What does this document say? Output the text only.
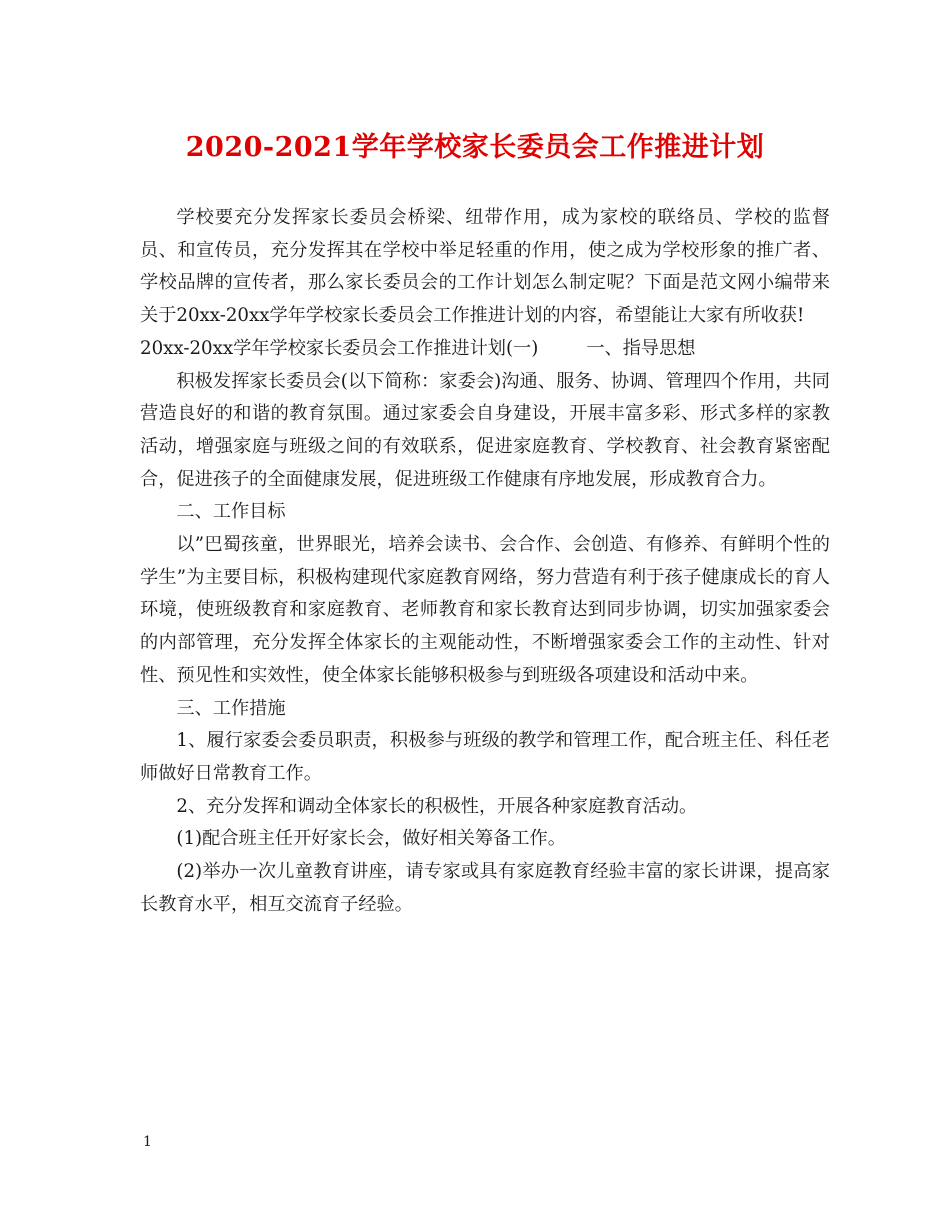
2020-2021学年学校家长委员会工作推进计划

学校要充分发挥家长委员会桥梁、纽带作用，成为家校的联络员、学校的监督员、和宣传员，充分发挥其在学校中举足轻重的作用，使之成为学校形象的推广者、学校品牌的宣传者，那么家长委员会的工作计划怎么制定呢？下面是范文网小编带来关于20xx-20xx学年学校家长委员会工作推进计划的内容，希望能让大家有所收获!

20xx-20xx学年学校家长委员会工作推进计划(一)	一、指导思想

积极发挥家长委员会(以下简称：家委会)沟通、服务、协调、管理四个作用，共同营造良好的和谐的教育氛围。通过家委会自身建设，开展丰富多彩、形式多样的家教活动，增强家庭与班级之间的有效联系，促进家庭教育、学校教育、社会教育紧密配合，促进孩子的全面健康发展，促进班级工作健康有序地发展，形成教育合力。

二、工作目标

以”巴蜀孩童，世界眼光，培养会读书、会合作、会创造、有修养、有鲜明个性的学生”为主要目标，积极构建现代家庭教育网络，努力营造有利于孩子健康成长的育人环境，使班级教育和家庭教育、老师教育和家长教育达到同步协调，切实加强家委会的内部管理，充分发挥全体家长的主观能动性，不断增强家委会工作的主动性、针对性、预见性和实效性，使全体家长能够积极参与到班级各项建设和活动中来。

三、工作措施

1、履行家委会委员职责，积极参与班级的教学和管理工作，配合班主任、科任老师做好日常教育工作。

2、充分发挥和调动全体家长的积极性，开展各种家庭教育活动。

(1)配合班主任开好家长会，做好相关筹备工作。

(2)举办一次儿童教育讲座，请专家或具有家庭教育经验丰富的家长讲课，提高家长教育水平，相互交流育子经验。

1
